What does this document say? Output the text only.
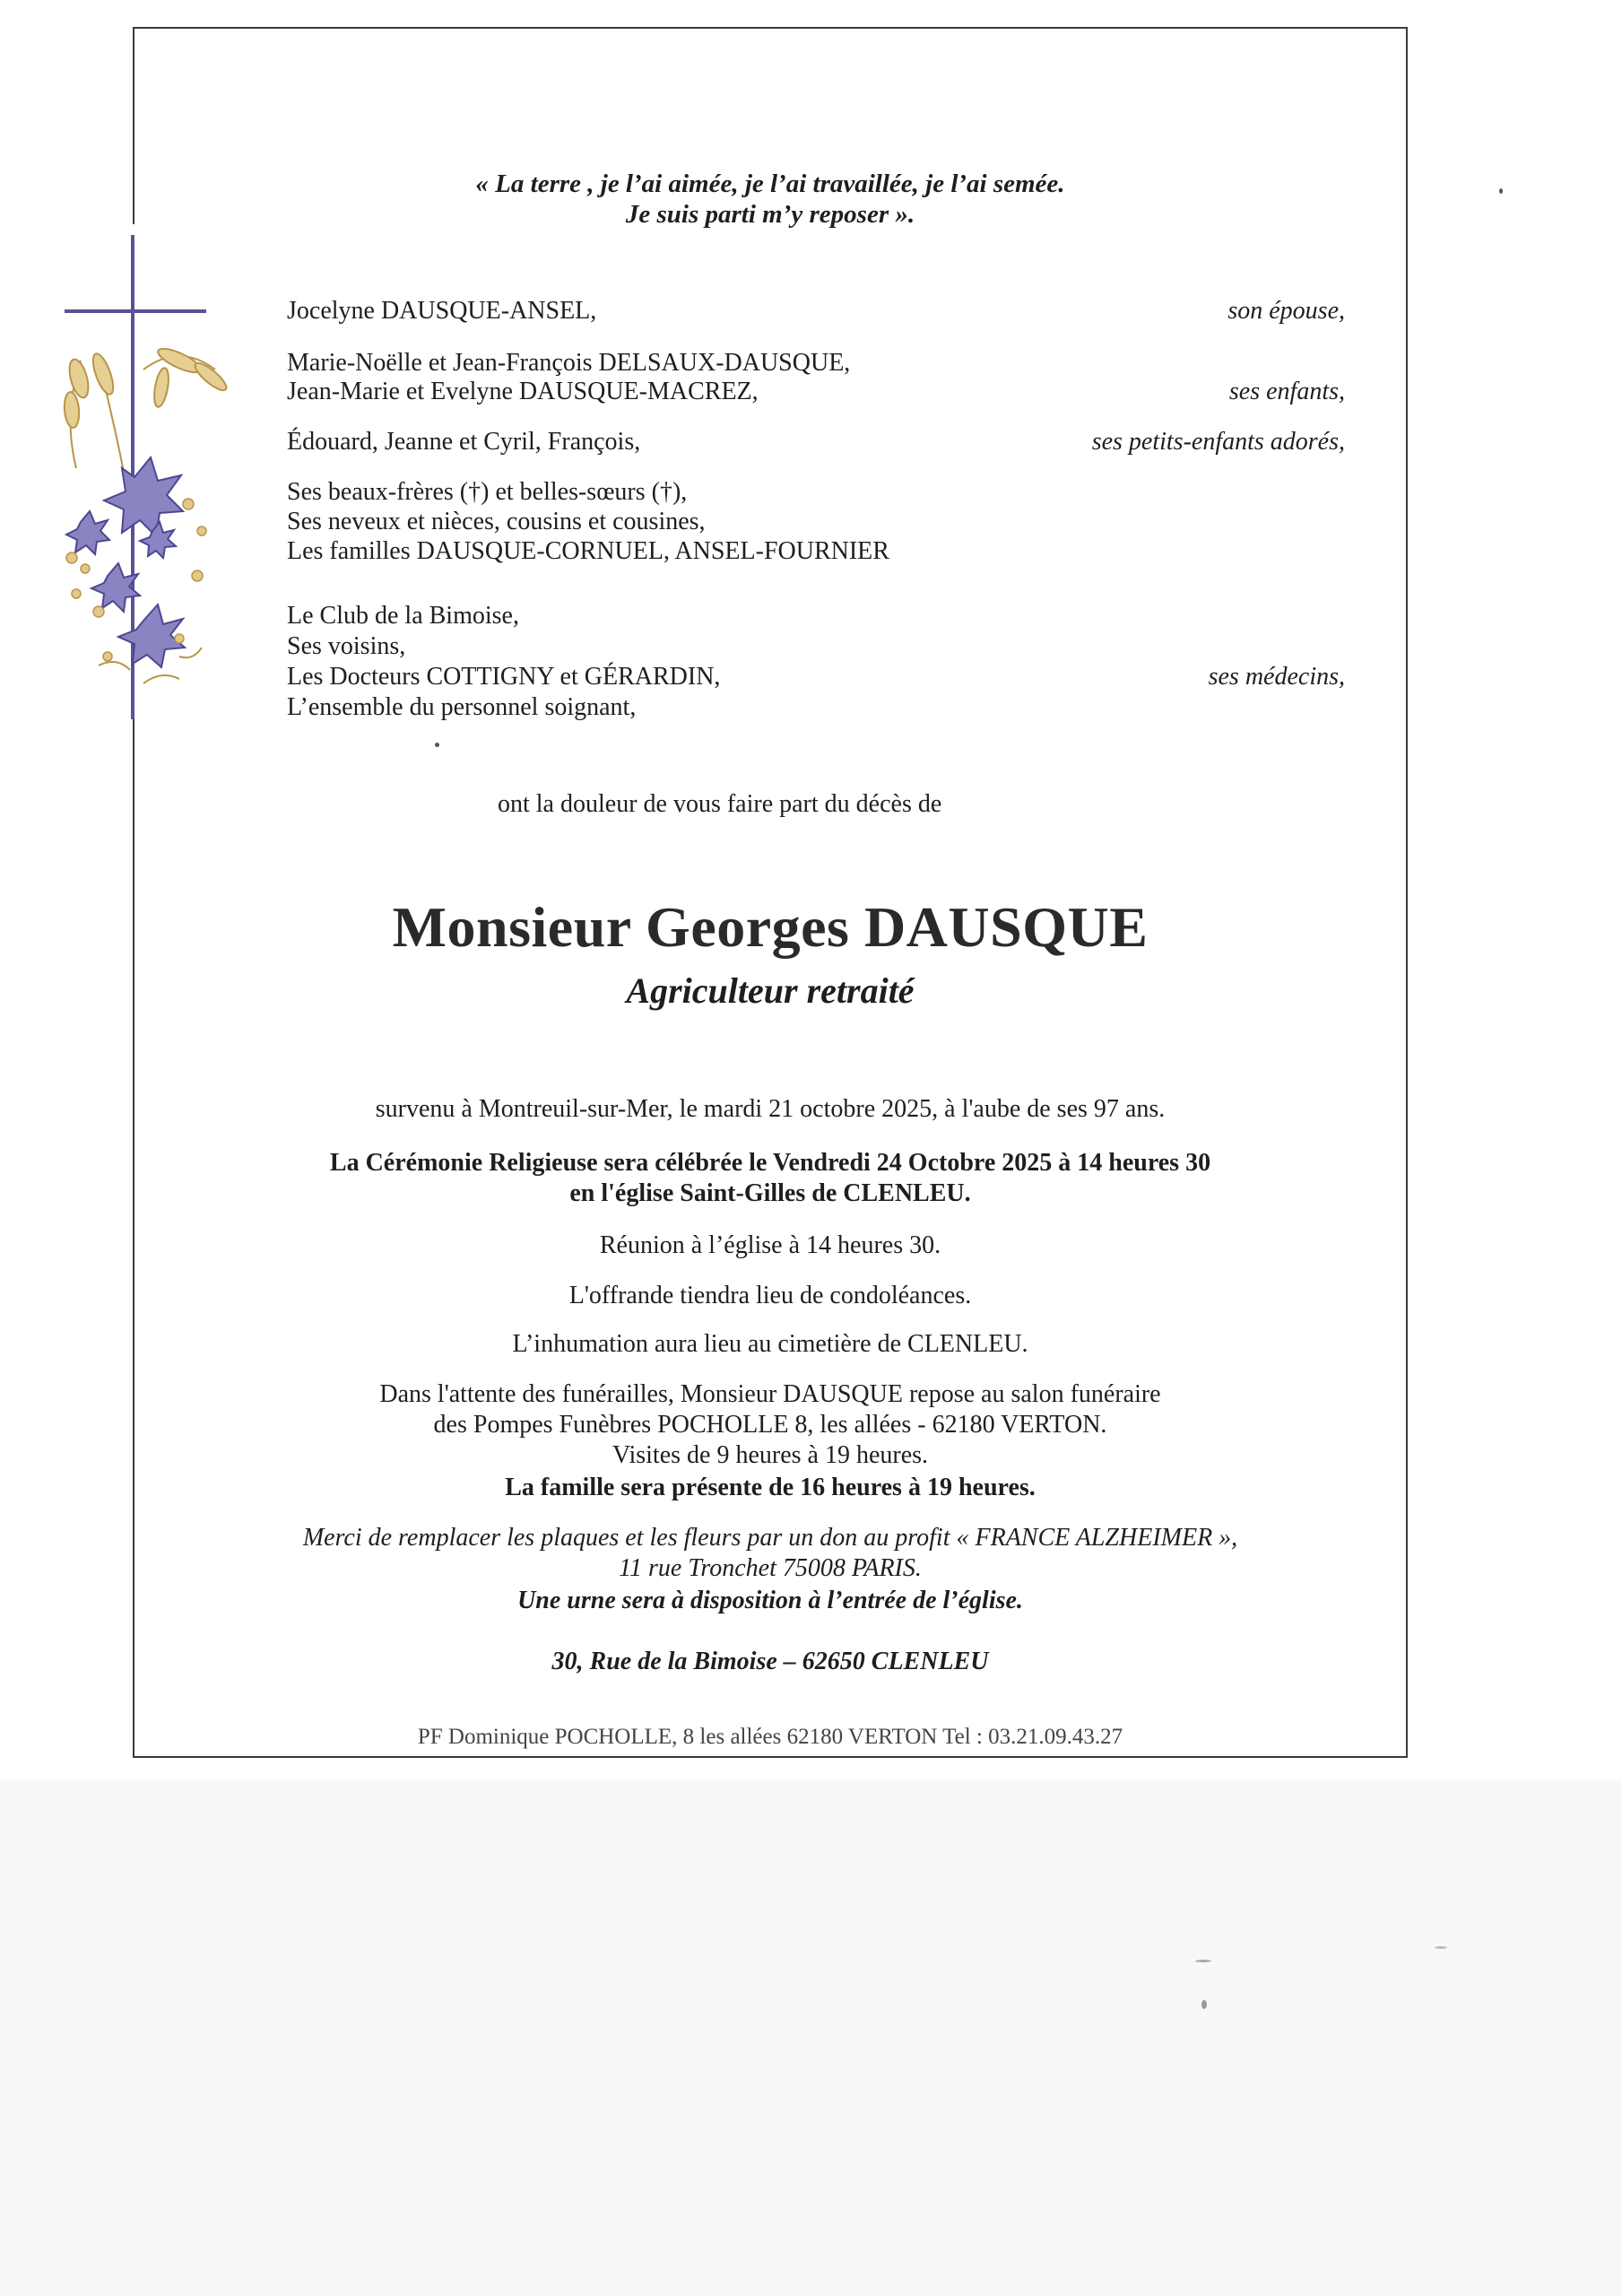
« La terre , je l’ai aimée, je l’ai travaillée, je l’ai semée.
Je suis parti m’y reposer ».
Jocelyne DAUSQUE-ANSEL,
Marie-Noëlle et Jean-François DELSAUX-DAUSQUE,
Jean-Marie et Evelyne DAUSQUE-MACREZ,
Édouard, Jeanne et Cyril, François,
Ses beaux-frères (†) et belles-sœurs (†),
Ses neveux et nièces, cousins et cousines,
Les familles DAUSQUE-CORNUEL, ANSEL-FOURNIER
Le Club de la Bimoise,
Ses voisins,
Les Docteurs COTTIGNY et GÉRARDIN,
L’ensemble du personnel soignant,
son épouse,
ses enfants,
ses petits-enfants adorés,
ses médecins,
ont la douleur de vous faire part du décès de
Monsieur Georges DAUSQUE
Agriculteur retraité
survenu à Montreuil-sur-Mer, le mardi 21 octobre 2025, à l'aube de ses 97 ans.
La Cérémonie Religieuse sera célébrée le Vendredi 24 Octobre 2025 à 14 heures 30
en l'église Saint-Gilles de CLENLEU.
Réunion à l’église à 14 heures 30.
L'offrande tiendra lieu de condoléances.
L’inhumation aura lieu au cimetière de CLENLEU.
Dans l'attente des funérailles, Monsieur DAUSQUE repose au salon funéraire
des Pompes Funèbres POCHOLLE 8, les allées - 62180 VERTON.
Visites de 9 heures à 19 heures.
La famille sera présente de 16 heures à 19 heures.
Merci de remplacer les plaques et les fleurs par un don au profit « FRANCE ALZHEIMER »,
11 rue Tronchet 75008 PARIS.
Une urne sera à disposition à l’entrée de l’église.
30, Rue de la Bimoise – 62650 CLENLEU
PF Dominique POCHOLLE, 8 les allées 62180 VERTON Tel : 03.21.09.43.27
